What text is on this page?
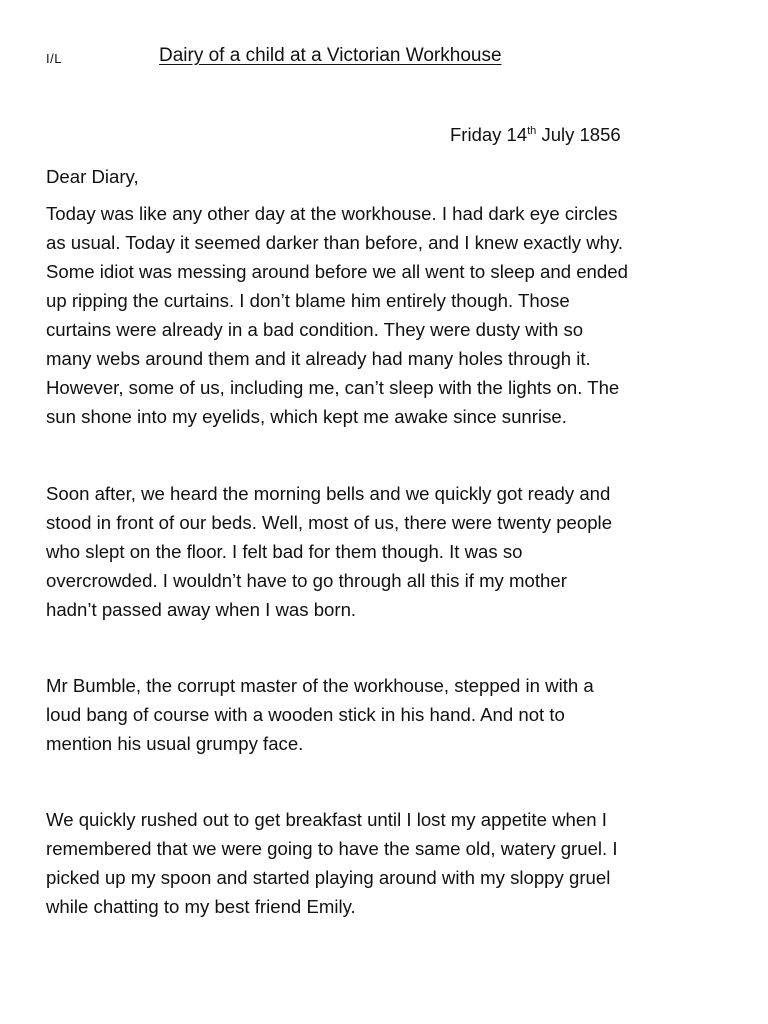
I/L	Dairy of a child at a Victorian Workhouse
Friday 14th July 1856

Dear Diary,

Today was like any other day at the workhouse. I had dark eye circles
as usual. Today it seemed darker than before, and I knew exactly why.
Some idiot was messing around before we all went to sleep and ended
up ripping the curtains. I don’t blame him entirely though. Those
curtains were already in a bad condition. They were dusty with so
many webs around them and it already had many holes through it.
However, some of us, including me, can’t sleep with the lights on. The
sun shone into my eyelids, which kept me awake since sunrise.

Soon after, we heard the morning bells and we quickly got ready and
stood in front of our beds. Well, most of us, there were twenty people
who slept on the floor. I felt bad for them though. It was so
overcrowded. I wouldn’t have to go through all this if my mother
hadn’t passed away when I was born.

Mr Bumble, the corrupt master of the workhouse, stepped in with a
loud bang of course with a wooden stick in his hand. And not to
mention his usual grumpy face.

We quickly rushed out to get breakfast until I lost my appetite when I
remembered that we were going to have the same old, watery gruel. I
picked up my spoon and started playing around with my sloppy gruel
while chatting to my best friend Emily.
